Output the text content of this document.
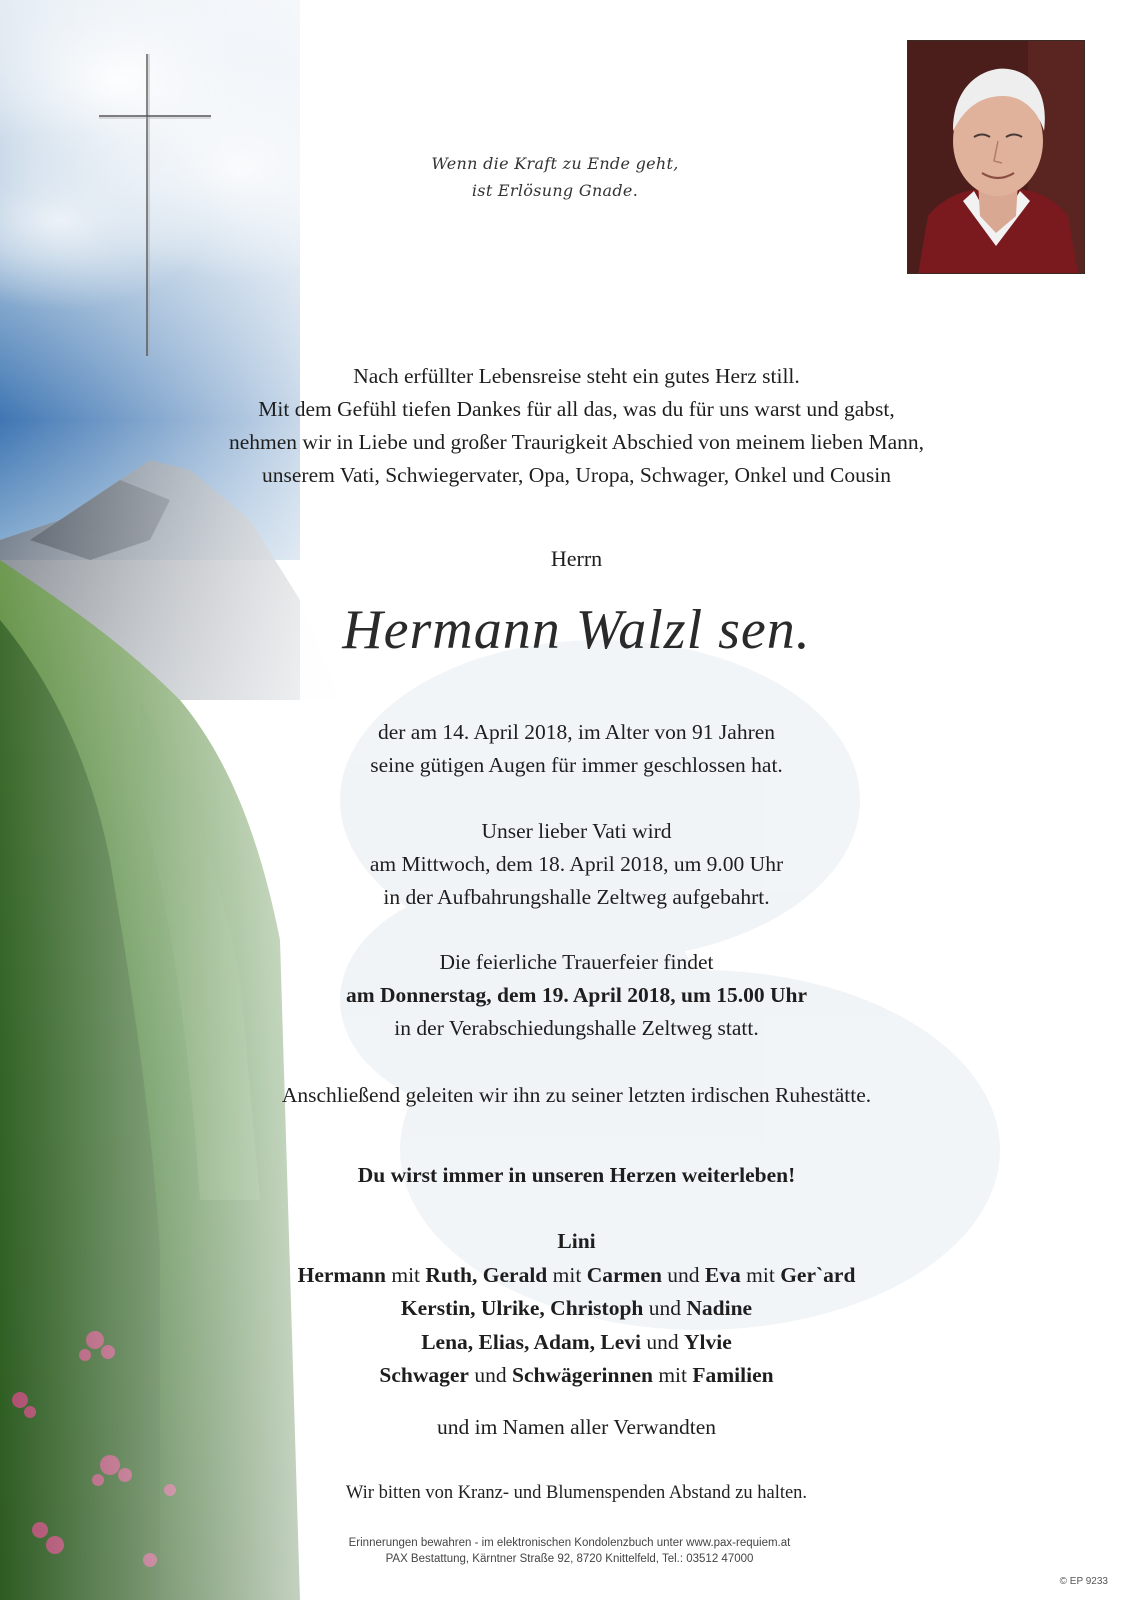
Wenn die Kraft zu Ende geht,
ist Erlösung Gnade.
Nach erfüllter Lebensreise steht ein gutes Herz still.
Mit dem Gefühl tiefen Dankes für all das, was du für uns warst und gabst,
nehmen wir in Liebe und großer Traurigkeit Abschied von meinem lieben Mann,
unserem Vati, Schwiegervater, Opa, Uropa, Schwager, Onkel und Cousin
Herrn
Hermann Walzl sen.
der am 14. April 2018, im Alter von 91 Jahren
seine gütigen Augen für immer geschlossen hat.
Unser lieber Vati wird
am Mittwoch, dem 18. April 2018, um 9.00 Uhr
in der Aufbahrungshalle Zeltweg aufgebahrt.
Die feierliche Trauerfeier findet
am Donnerstag, dem 19. April 2018, um 15.00 Uhr
in der Verabschiedungshalle Zeltweg statt.
Anschließend geleiten wir ihn zu seiner letzten irdischen Ruhestätte.
Du wirst immer in unseren Herzen weiterleben!
Lini
Hermann mit Ruth, Gerald mit Carmen und Eva mit Ger`ard
Kerstin, Ulrike, Christoph und Nadine
Lena, Elias, Adam, Levi und Ylvie
Schwager und Schwägerinnen mit Familien
und im Namen aller Verwandten
Wir bitten von Kranz- und Blumenspenden Abstand zu halten.
Erinnerungen bewahren - im elektronischen Kondolenzbuch unter www.pax-requiem.at
PAX Bestattung, Kärntner Straße 92, 8720 Knittelfeld, Tel.: 03512 47000
© EP 9233
